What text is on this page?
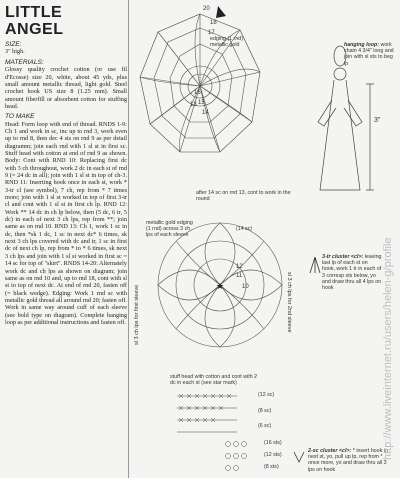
LITTLE
ANGEL
SIZE:

3" high.

MATERIALS:

Glossy quality crochet cotton (or use fil d'Ecosse) size 20, white, about 45 yds, plus small amount metallic thread, light gold. Steel crochet hook US size 8 (1.25 mm). Small amount fiberfill or absorbent cotton for stuffing head.

TO MAKE

Head: Form loop with end of thread. RNDS 1-9: Ch 1 and work in sc, inc up to rnd 3, work even up to rnd 8, then dec 4 sts on rnd 9 as per detail diagramm; join each rnd with 1 sl st in first sc. Stuff head with cotton at end of rnd 9 as shown. Body: Cont with RND 10: Replacing first dc with 3 ch throughout, work 2 dc in each st of rnd 9 (= 24 dc in all); join with 1 sl st in top of ch-3. RND 11: Inserting hook once in each st, work * 3-tr cl (see symbol), 7 ch, rep from * 7 times more; join with 1 sl st worked in top of first 3-tr cl and cont with 1 sl st in first ch lp. RND 12: Work ** 14 dc in ch lp below, then (5 dc, 6 tr, 5 dc) in each of next 3 ch lps, rep from **; join same as on rnd 10. RND 13: Ch 1, work 1 sc in dc, then *sk 1 dc, 1 sc in next dc* 6 times, sk next 3 ch lps covered with dc and tr, 1 sc in first dc of next ch lp, rep from * to * 6 times, sk next 3 ch lps and join with 1 sl st worked in first sc = 14 sc for top of "skirt". RNDS 14-20: Alternately work dc and ch lps as shown on diagram; join same as on rnd 10 and, up to rnd 18, cont with sl st to top of next dc. At end of rnd 20, fasten off (= black wedge). Edging: Work 1 rnd sc with metallic gold thread all around rnd 20; fasten off. Work in same way around cuff of each sleeve (see bold type on diagram). Complete hanging loop as per additional instructions and fasten off.

20
18
17
16
15
14
13
edging (1 rnd) metallic gold
after 14 sc on rnd 13, cont to work in the round
hanging loop: work chain 4 3/4" long and join with sl sts to beg lp
3"
★
12
11
10
metallic gold edging (1 rnd) across 3 ch lps of each sleeve
(14 sc)
sl 3 ch lps for first sleeve	sl 3 ch lps for 2nd sleeve
stuff head with cotton and cont with 2 dc in each st (see star mark)
3-tr cluster <cl>: leaving last lp of each st on hook, work 1 tr in each of 3 corresp sts below, yo and draw thru all 4 lps on hook
(12 sc)
(8 sc)
(6 sc)
(16 sts)
(12 sts)
(8 sts)
2-sc cluster <cl>: * insert hook in next st, yo, pull up lp, rep from * once more, yo and draw thru all 3 lps on hook
http://www.liveinternet.ru/users/helen-g/profile
